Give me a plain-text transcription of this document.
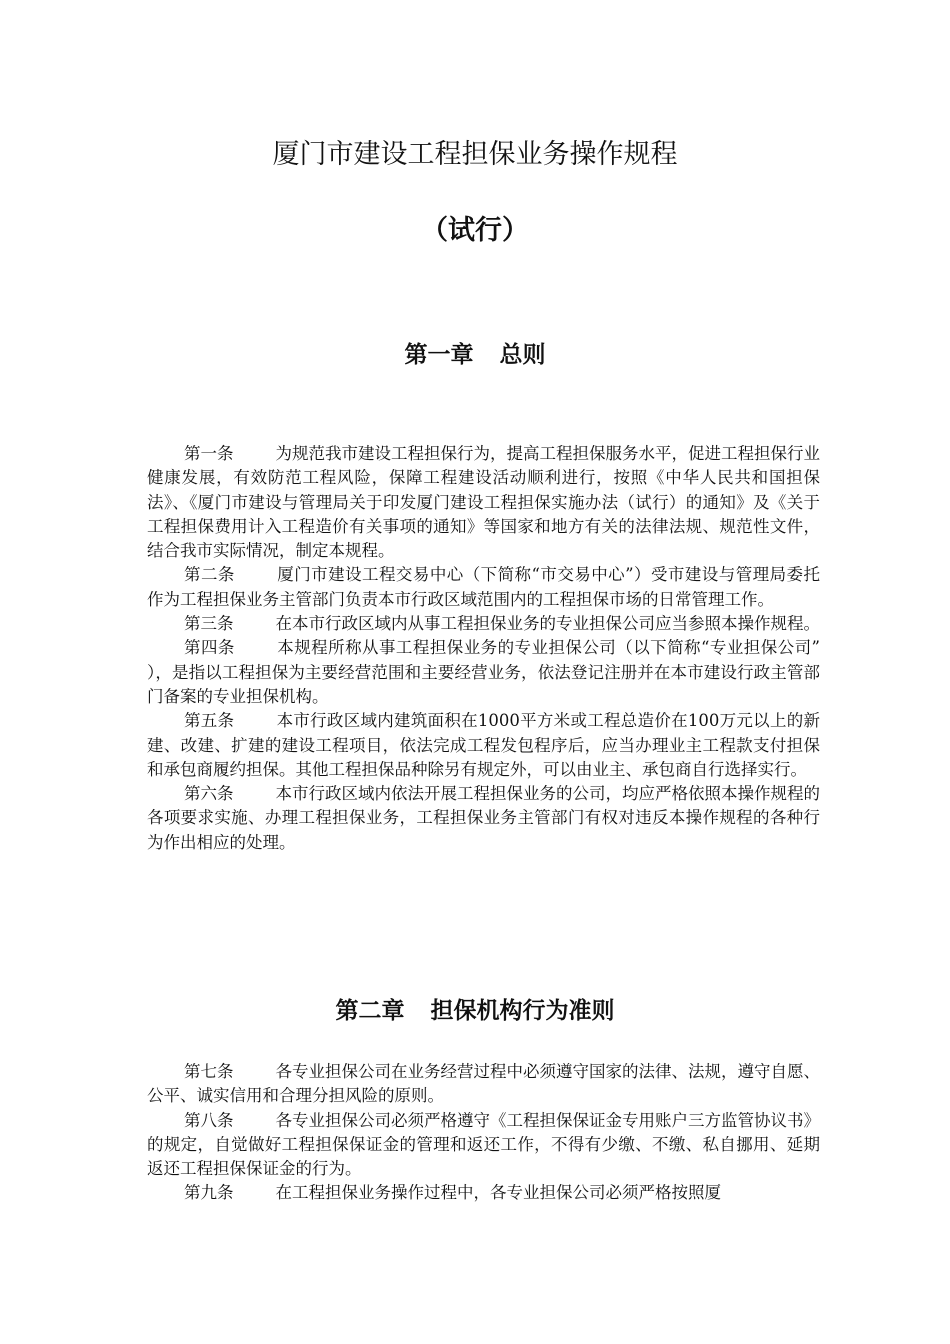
厦门市建设工程担保业务操作规程
（试行）
第一章 总则

第一条	为规范我市建设工程担保行为，提高工程担保服务水平，促进工程担保行业健康发展，有效防范工程风险，保障工程建设活动顺利进行，按照《中华人民共和国担保法》、《厦门市建设与管理局关于印发厦门建设工程担保实施办法（试行）的通知》及《关于工程担保费用计入工程造价有关事项的通知》等国家和地方有关的法律法规、规范性文件，结合我市实际情况，制定本规程。

第二条	厦门市建设工程交易中心（下简称“市交易中心”）受市建设与管理局委托作为工程担保业务主管部门负责本市行政区域范围内的工程担保市场的日常管理工作。

第三条	在本市行政区域内从事工程担保业务的专业担保公司应当参照本操作规程。

第四条	本规程所称从事工程担保业务的专业担保公司（以下简称“专业担保公司” ），是指以工程担保为主要经营范围和主要经营业务，依法登记注册并在本市建设行政主管部门备案的专业担保机构。

第五条	本市行政区域内建筑面积在1000平方米或工程总造价在100万元以上的新建、改建、扩建的建设工程项目，依法完成工程发包程序后，应当办理业主工程款支付担保和承包商履约担保。其他工程担保品种除另有规定外，可以由业主、承包商自行选择实行。

第六条	本市行政区域内依法开展工程担保业务的公司，均应严格依照本操作规程的各项要求实施、办理工程担保业务，工程担保业务主管部门有权对违反本操作规程的各种行为作出相应的处理。

第二章 担保机构行为准则

第七条	各专业担保公司在业务经营过程中必须遵守国家的法律、法规，遵守自愿、公平、诚实信用和合理分担风险的原则。

第八条	各专业担保公司必须严格遵守《工程担保保证金专用账户三方监管协议书》的规定，自觉做好工程担保保证金的管理和返还工作，不得有少缴、不缴、私自挪用、延期返还工程担保保证金的行为。

第九条	在工程担保业务操作过程中，各专业担保公司必须严格按照厦
